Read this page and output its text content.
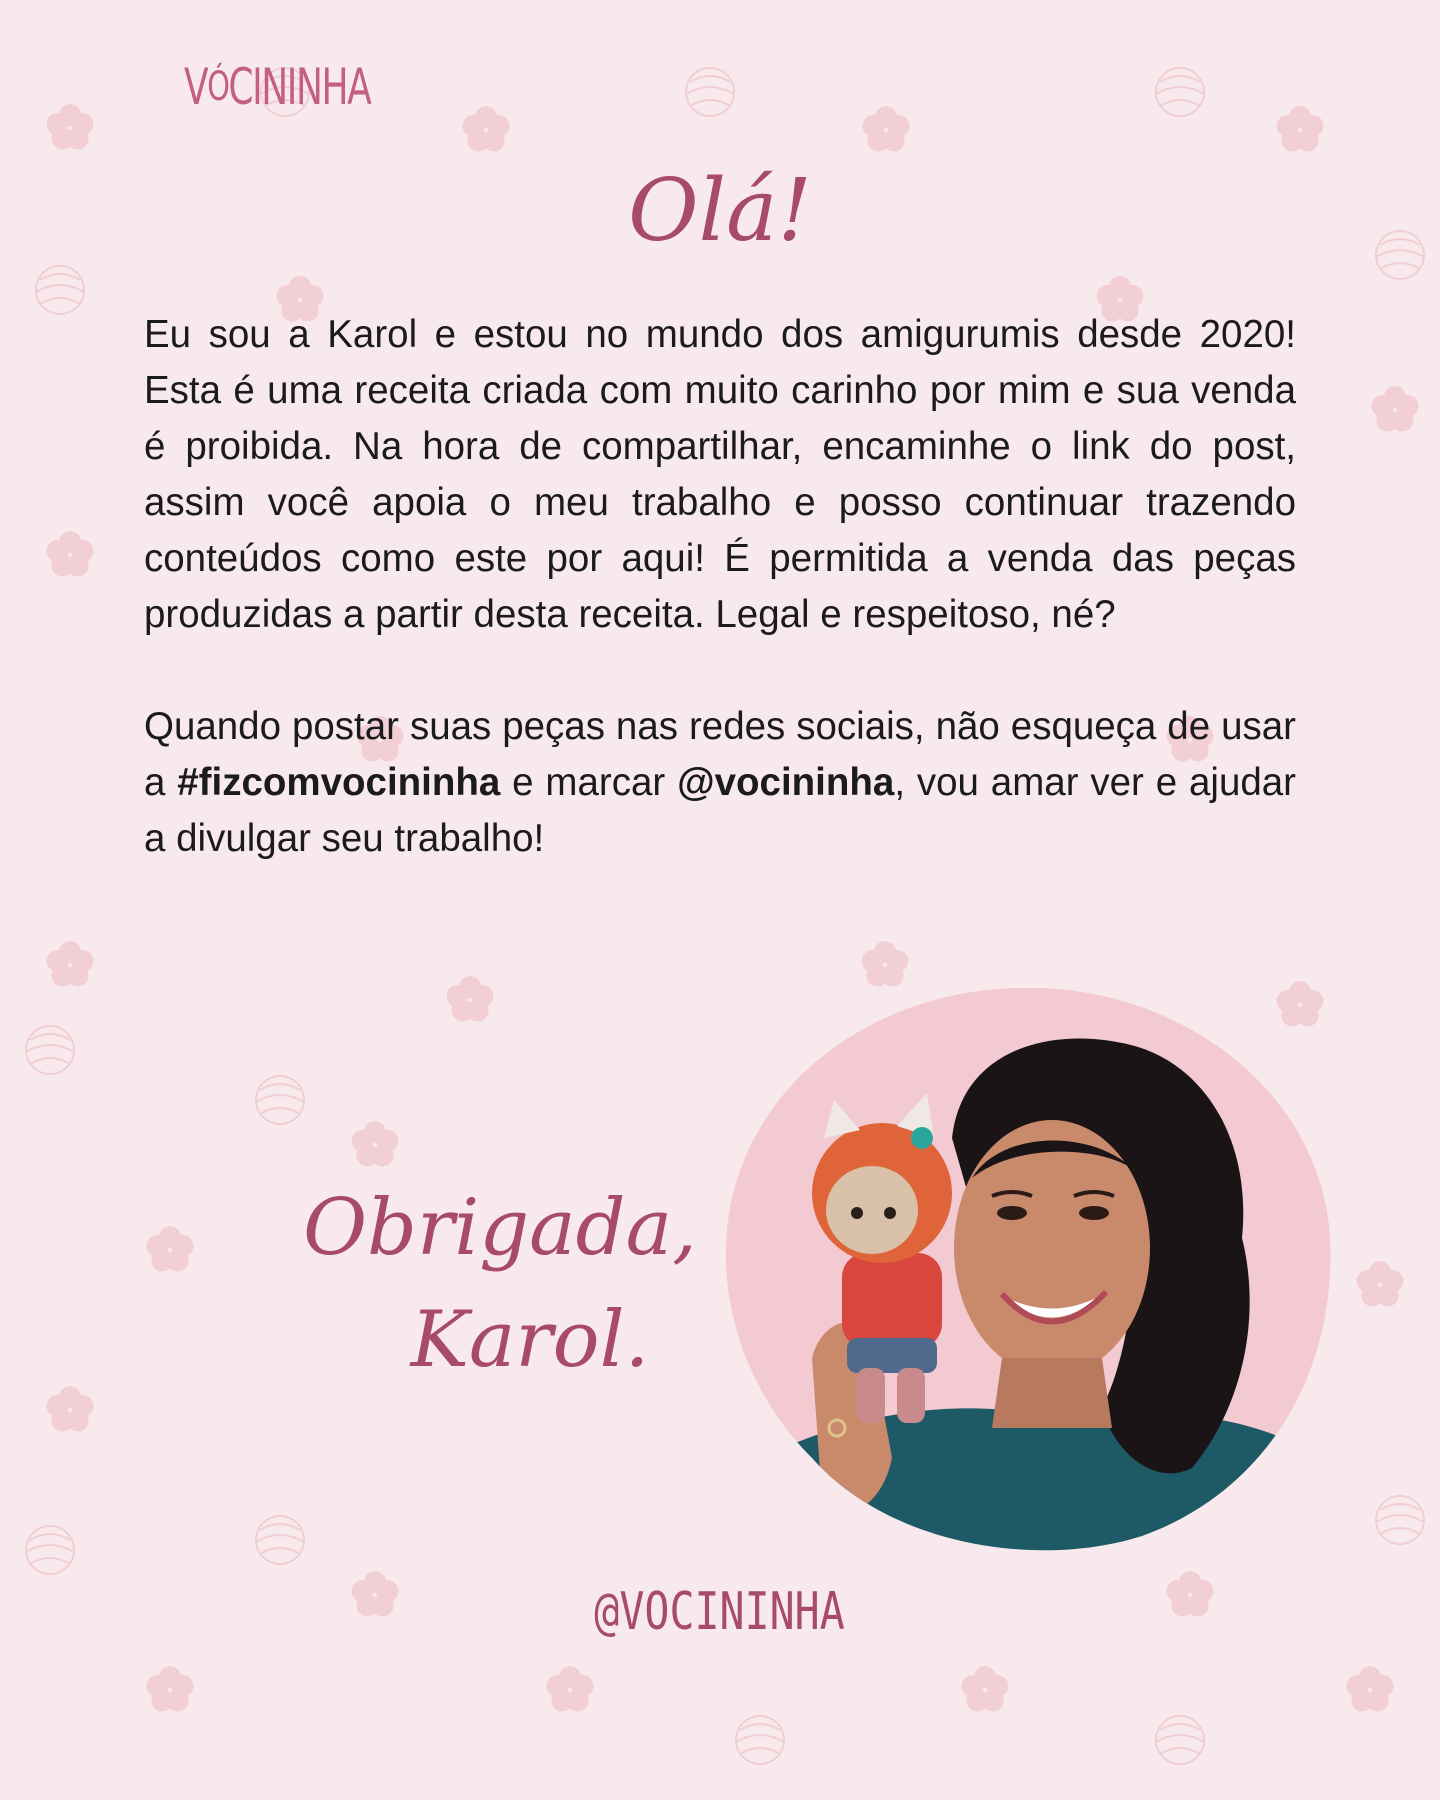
VÓCININHA
Olá!

Eu sou a Karol e estou no mundo dos amigurumis desde 2020! Esta é uma receita criada com muito carinho por mim e sua venda é proibida. Na hora de compartilhar, encaminhe o link do post, assim você apoia o meu trabalho e posso continuar trazendo conteúdos como este por aqui! É permitida a venda das peças produzidas a partir desta receita. Legal e respeitoso, né?

Quando postar suas peças nas redes sociais, não esqueça de usar a #fizcomvocininha e marcar @vocininha, vou amar ver e ajudar a divulgar seu trabalho!

Obrigada,
Karol.
@VOCININHA
